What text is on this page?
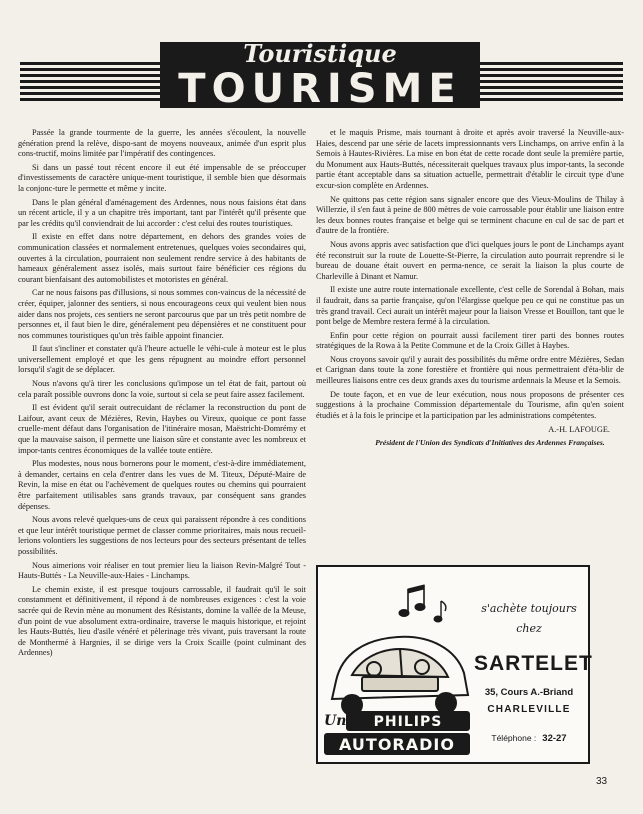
Touristique
TOURISME

Passée la grande tourmente de la guerre, les années s'écoulent, la nouvelle génération prend la relève, dispo-sant de moyens nouveaux, animée d'un esprit plus cons-tructif, moins limitée par l'impératif des contingences.

Si dans un passé tout récent encore il eut été impensable de se préoccuper d'investissements de caractère unique-ment touristique, il semble bien que désormais la conjonc-ture le permette et même y incite.

Dans le plan général d'aménagement des Ardennes, nous nous faisions état dans un récent article, il y a un chapitre très important, tant par l'intérêt qu'il présente que par les crédits qu'il conviendrait de lui accorder : c'est celui des routes touristiques.

Il existe en effet dans notre département, en dehors des grandes voies de communication classées et normalement entretenues, quelques voies secondaires qui, ouvertes à la circulation, pourraient non seulement rendre service à des habitants de hameaux généralement assez isolés, mais surtout faire bénéficier ces régions du courant bienfaisant des automobilistes et motoristes en général.

Car ne nous faisons pas d'illusions, si nous sommes con-vaincus de la nécessité de créer, équiper, jalonner des sentiers, si nous encourageons ceux qui veulent bien nous aider dans nos projets, ces sentiers ne seront parcourus que par un très petit nombre de personnes et, il faut bien le dire, généralement peu dépensières et ne constituent pour nos communes touristiques qu'un très faible appoint financier.

Il faut s'incliner et constater qu'à l'heure actuelle le véhi-cule à moteur est le plus universellement employé et que les gens répugnent au moindre effort personnel lorsqu'il s'agit de se déplacer.

Nous n'avons qu'à tirer les conclusions qu'impose un tel état de fait, partout où cela paraît possible ouvrons donc la voie, surtout si cela se peut faire assez facilement.

Il est évident qu'il serait outrecuidant de réclamer la reconstruction du pont de Laifour, avant ceux de Mézières, Revin, Haybes ou Vireux, quoique ce pont fasse cruelle-ment défaut dans l'organisation de l'itinéraire mosan, Maëstricht-Domrémy et que la mauvaise saison, il permette une liaison sûre et constante avec les nombreux et impor-tants centres économiques de la vallée toute entière.

Plus modestes, nous nous bornerons pour le moment, c'est-à-dire immédiatement, à demander, certains en cela d'entrer dans les vues de M. Titeux, Député-Maire de Revin, la mise en état ou l'achèvement de quelques routes ou chemins qui pourraient être parfaitement utilisables sans grands travaux, par conséquent sans grandes dépenses.

Nous avons relevé quelques-uns de ceux qui paraissent répondre à ces conditions et que leur intérêt touristique permet de classer comme prioritaires, mais nous recueil-lerions volontiers les suggestions de nos lecteurs pour des secteurs présentant de telles possibilités.

Nous aimerions voir réaliser en tout premier lieu la liaison Revin-Malgré Tout - Hauts-Buttés - La Neuville-aux-Haies - Linchamps.

Le chemin existe, il est presque toujours carrossable, il faudrait qu'il le soit constamment et définitivement, il répond à de nombreuses exigences : c'est la voie sacrée qui de Revin mène au monument des Résistants, domine la vallée de la Meuse, d'un point de vue absolument extra-ordinaire, traverse le maquis historique, et rejoint les Hauts-Buttés, lieu d'asile vénéré et pèlerinage très vivant, puis traversant la route de Monthermé à Hargnies, il se dirige vers la Croix Scaille (point culminant des Ardennes)

et le maquis Prisme, mais tournant à droite et après avoir traversé la Neuville-aux-Haies, descend par une série de lacets impressionnants vers Linchamps, on arrive enfin à la Semois à Hautes-Rivières. La mise en bon état de cette rocade dont seule la première partie, du Monument aux Hauts-Buttés, nécessiterait quelques travaux plus impor-tants, la seconde partie étant acceptable dans sa situation actuelle, permettrait d'établir le circuit type d'une excur-sion complète en Ardennes.

Ne quittons pas cette région sans signaler encore que des Vieux-Moulins de Thilay à Willerzie, il s'en faut à peine de 800 mètres de voie carrossable pour établir une liaison entre les deux bonnes routes française et belge qui se terminent chacune en cul de sac de part et d'autre de la frontière.

Nous avons appris avec satisfaction que d'ici quelques jours le pont de Linchamps ayant été reconstruit sur la route de Louette-St-Pierre, la circulation auto pourrait reprendre si le bureau de douane était ouvert en perma-nence, ce serait la liaison la plus courte de Charleville à Dinant et Namur.

Il existe une autre route internationale excellente, c'est celle de Sorendal à Bohan, mais il faudrait, dans sa partie française, qu'on l'élargisse quelque peu ce qui ne constitue pas un très grand travail. Ceci aurait un intérêt majeur pour la liaison Vresse et Bouillon, tant que le pont belge de Membre restera fermé à la circulation.

Enfin pour cette région on pourrait aussi facilement tirer parti des bonnes routes stratégiques de la Rowa à la Petite Commune et de la Croix Gillet à Haybes.

Nous croyons savoir qu'il y aurait des possibilités du même ordre entre Mézières, Sedan et Carignan dans toute la zone forestière et frontière qui nous permettraient d'éta-blir de meilleures liaisons entre ces deux grands axes du tourisme ardennais la Meuse et la Semois.

De toute façon, et en vue de leur exécution, nous nous proposons de présenter ces suggestions à la prochaine Commission départementale du Tourisme, afin qu'en soient étudiés et à la fois le principe et la participation par les administrations compétentes.

A.-H. LAFOUGE.
Président de l'Union des Syndicats d'Initiatives des Ardennes Françaises.
Un PHILIPS
AUTORADIO
s'achète toujours chez
SARTELET
35, Cours A.-Briand
CHARLEVILLE
Téléphone : 32-27
33
